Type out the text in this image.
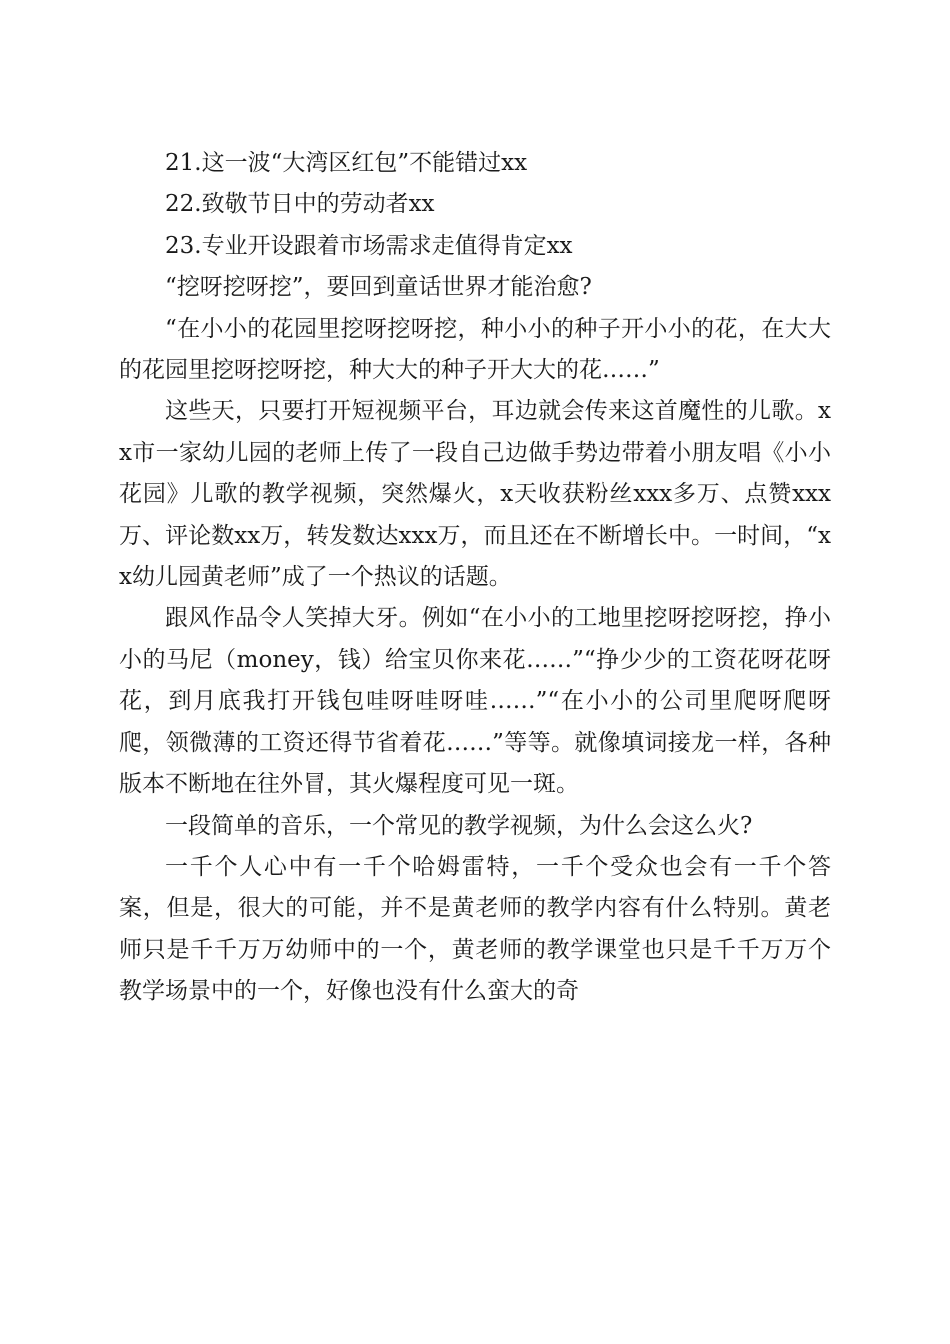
21.这一波“大湾区红包”不能错过xx

22.致敬节日中的劳动者xx

23.专业开设跟着市场需求走值得肯定xx

“挖呀挖呀挖”，要回到童话世界才能治愈?

“在小小的花园里挖呀挖呀挖，种小小的种子开小小的花，在大大的花园里挖呀挖呀挖，种大大的种子开大大的花……”

这些天，只要打开短视频平台，耳边就会传来这首魔性的儿歌。xx市一家幼儿园的老师上传了一段自己边做手势边带着小朋友唱《小小花园》儿歌的教学视频，突然爆火，x天收获粉丝xxx多万、点赞xxx万、评论数xx万，转发数达xxx万，而且还在不断增长中。一时间，“xx幼儿园黄老师”成了一个热议的话题。

跟风作品令人笑掉大牙。例如“在小小的工地里挖呀挖呀挖，挣小小的马尼（money，钱）给宝贝你来花……”“挣少少的工资花呀花呀花，到月底我打开钱包哇呀哇呀哇……”“在小小的公司里爬呀爬呀爬，领微薄的工资还得节省着花……”等等。就像填词接龙一样，各种版本不断地在往外冒，其火爆程度可见一斑。

一段简单的音乐，一个常见的教学视频，为什么会这么火?

一千个人心中有一千个哈姆雷特，一千个受众也会有一千个答案，但是，很大的可能，并不是黄老师的教学内容有什么特别。黄老师只是千千万万幼师中的一个，黄老师的教学课堂也只是千千万万个教学场景中的一个，好像也没有什么蛮大的奇
